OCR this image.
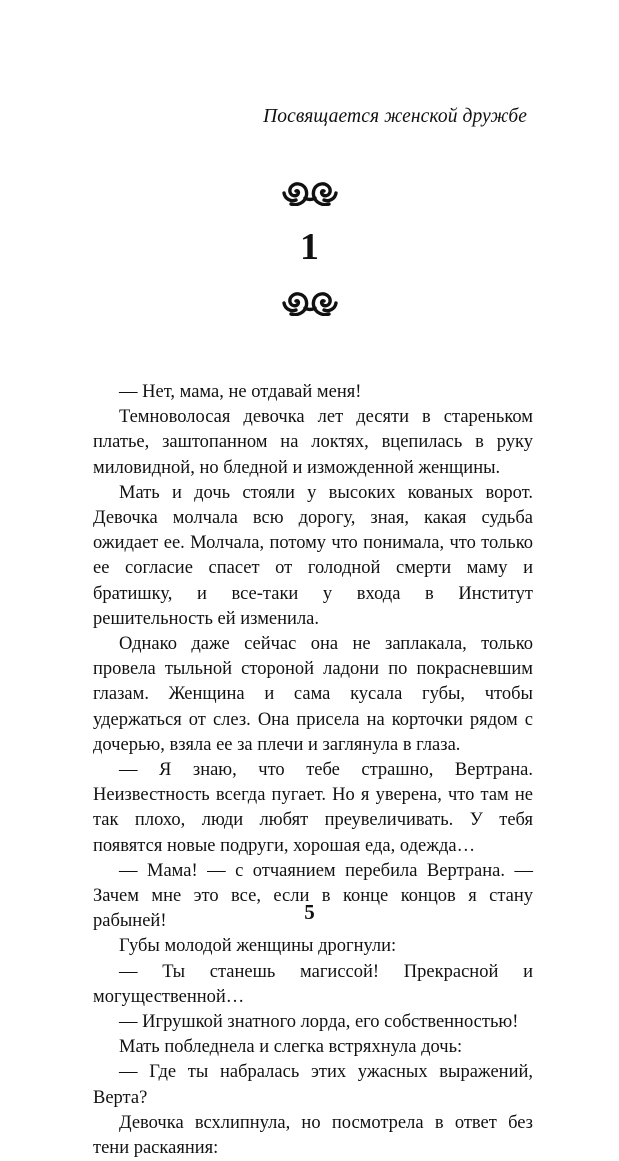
Посвящается женской дружбе
1

— Нет, мама, не отдавай меня!

Темноволосая девочка лет десяти в стареньком платье, заштопанном на локтях, вцепилась в руку миловидной, но бледной и изможденной женщины.

Мать и дочь стояли у высоких кованых ворот. Девочка молчала всю дорогу, зная, какая судьба ожидает ее. Молчала, потому что понимала, что только ее согласие спасет от голодной смерти маму и братишку, и все-таки у входа в Институт решительность ей изменила.

Однако даже сейчас она не заплакала, только провела тыльной стороной ладони по покрасневшим глазам. Женщина и сама кусала губы, чтобы удержаться от слез. Она присела на корточки рядом с дочерью, взяла ее за плечи и заглянула в глаза.

— Я знаю, что тебе страшно, Вертрана. Неизвестность всегда пугает. Но я уверена, что там не так плохо, люди любят преувеличивать. У тебя появятся новые подруги, хорошая еда, одежда…

— Мама! — с отчаянием перебила Вертрана. — Зачем мне это все, если в конце концов я стану рабыней!

Губы молодой женщины дрогнули:

— Ты станешь магиссой! Прекрасной и могущественной…

— Игрушкой знатного лорда, его собственностью!

Мать побледнела и слегка встряхнула дочь:

— Где ты набралась этих ужасных выражений, Верта?

Девочка всхлипнула, но посмотрела в ответ без тени раскаяния:

5
